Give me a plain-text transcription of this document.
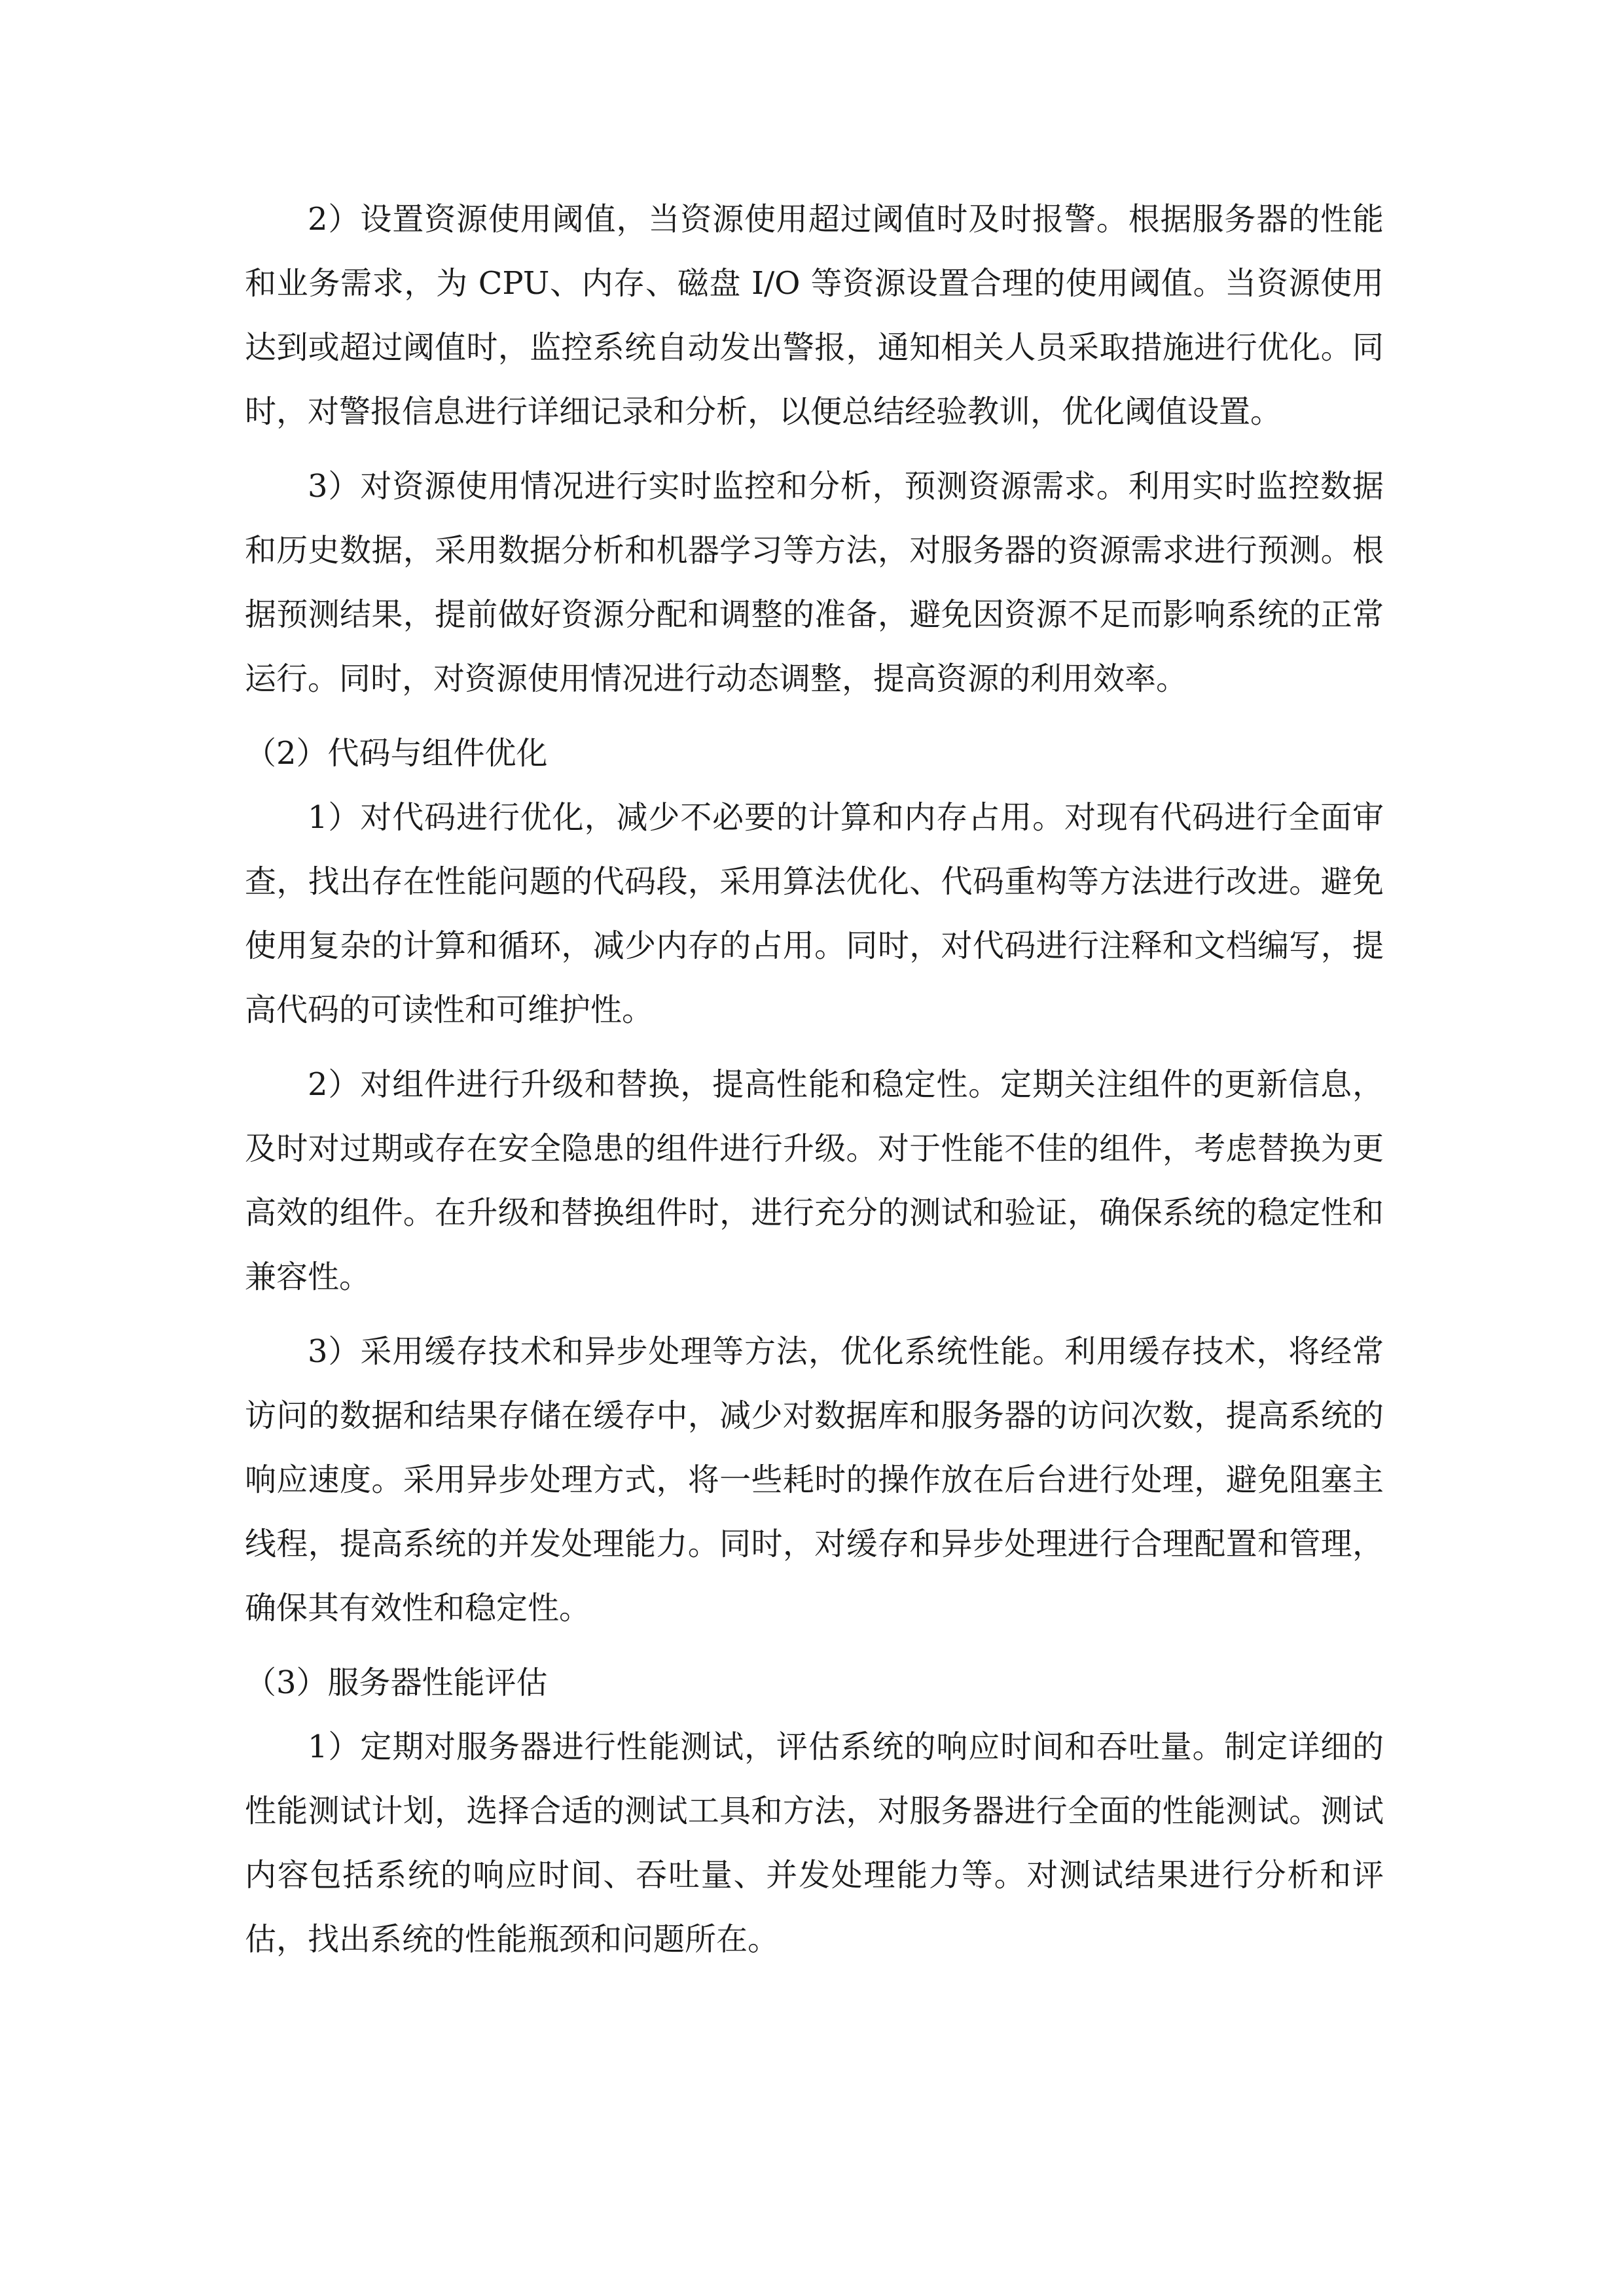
2）设置资源使用阈值，当资源使用超过阈值时及时报警。根据服务器的性能和业务需求，为 CPU、内存、磁盘 I/O 等资源设置合理的使用阈值。当资源使用达到或超过阈值时，监控系统自动发出警报，通知相关人员采取措施进行优化。同时，对警报信息进行详细记录和分析，以便总结经验教训，优化阈值设置。

3）对资源使用情况进行实时监控和分析，预测资源需求。利用实时监控数据和历史数据，采用数据分析和机器学习等方法，对服务器的资源需求进行预测。根据预测结果，提前做好资源分配和调整的准备，避免因资源不足而影响系统的正常运行。同时，对资源使用情况进行动态调整，提高资源的利用效率。

（2）代码与组件优化

1）对代码进行优化，减少不必要的计算和内存占用。对现有代码进行全面审查，找出存在性能问题的代码段，采用算法优化、代码重构等方法进行改进。避免使用复杂的计算和循环，减少内存的占用。同时，对代码进行注释和文档编写，提高代码的可读性和可维护性。

2）对组件进行升级和替换，提高性能和稳定性。定期关注组件的更新信息，及时对过期或存在安全隐患的组件进行升级。对于性能不佳的组件，考虑替换为更高效的组件。在升级和替换组件时，进行充分的测试和验证，确保系统的稳定性和兼容性。

3）采用缓存技术和异步处理等方法，优化系统性能。利用缓存技术，将经常访问的数据和结果存储在缓存中，减少对数据库和服务器的访问次数，提高系统的响应速度。采用异步处理方式，将一些耗时的操作放在后台进行处理，避免阻塞主线程，提高系统的并发处理能力。同时，对缓存和异步处理进行合理配置和管理，确保其有效性和稳定性。

（3）服务器性能评估

1）定期对服务器进行性能测试，评估系统的响应时间和吞吐量。制定详细的性能测试计划，选择合适的测试工具和方法，对服务器进行全面的性能测试。测试内容包括系统的响应时间、吞吐量、并发处理能力等。对测试结果进行分析和评估，找出系统的性能瓶颈和问题所在。
